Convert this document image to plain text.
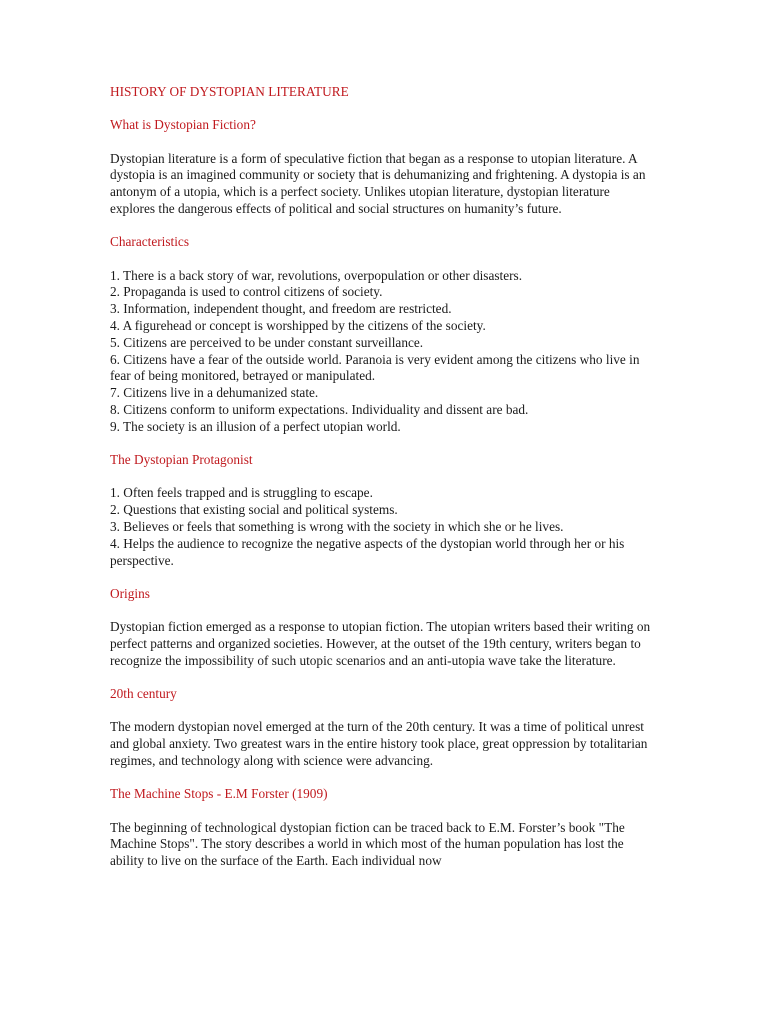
HISTORY OF DYSTOPIAN LITERATURE
What is Dystopian Fiction?
Dystopian literature is a form of speculative fiction that began as a response to utopian literature. A dystopia is an imagined community or society that is dehumanizing and frightening. A dystopia is an antonym of a utopia, which is a perfect society. Unlikes utopian literature, dystopian literature explores the dangerous effects of political and social structures on humanity’s future.
Characteristics
1. There is a back story of war, revolutions, overpopulation or other disasters.
2. Propaganda is used to control citizens of society.
3. Information, independent thought, and freedom are restricted.
4. A figurehead or concept is worshipped by the citizens of the society.
5. Citizens are perceived to be under constant surveillance.
6. Citizens have a fear of the outside world. Paranoia is very evident among the citizens who live in fear of being monitored, betrayed or manipulated.
7. Citizens live in a dehumanized state.
8. Citizens conform to uniform expectations. Individuality and dissent are bad.
9. The society is an illusion of a perfect utopian world.
The Dystopian Protagonist
1. Often feels trapped and is struggling to escape.
2. Questions that existing social and political systems.
3. Believes or feels that something is wrong with the society in which she or he lives.
4. Helps the audience to recognize the negative aspects of the dystopian world through her or his perspective.
Origins
Dystopian fiction emerged as a response to utopian fiction. The utopian writers based their writing on perfect patterns and organized societies. However, at the outset of the 19th century, writers began to recognize the impossibility of such utopic scenarios and an anti-utopia wave take the literature.
20th century
The modern dystopian novel emerged at the turn of the 20th century. It was a time of political unrest and global anxiety. Two greatest wars in the entire history took place, great oppression by totalitarian regimes, and technology along with science were advancing.
The Machine Stops - E.M Forster (1909)
The beginning of technological dystopian fiction can be traced back to E.M. Forster’s book "The Machine Stops". The story describes a world in which most of the human population has lost the ability to live on the surface of the Earth. Each individual now
